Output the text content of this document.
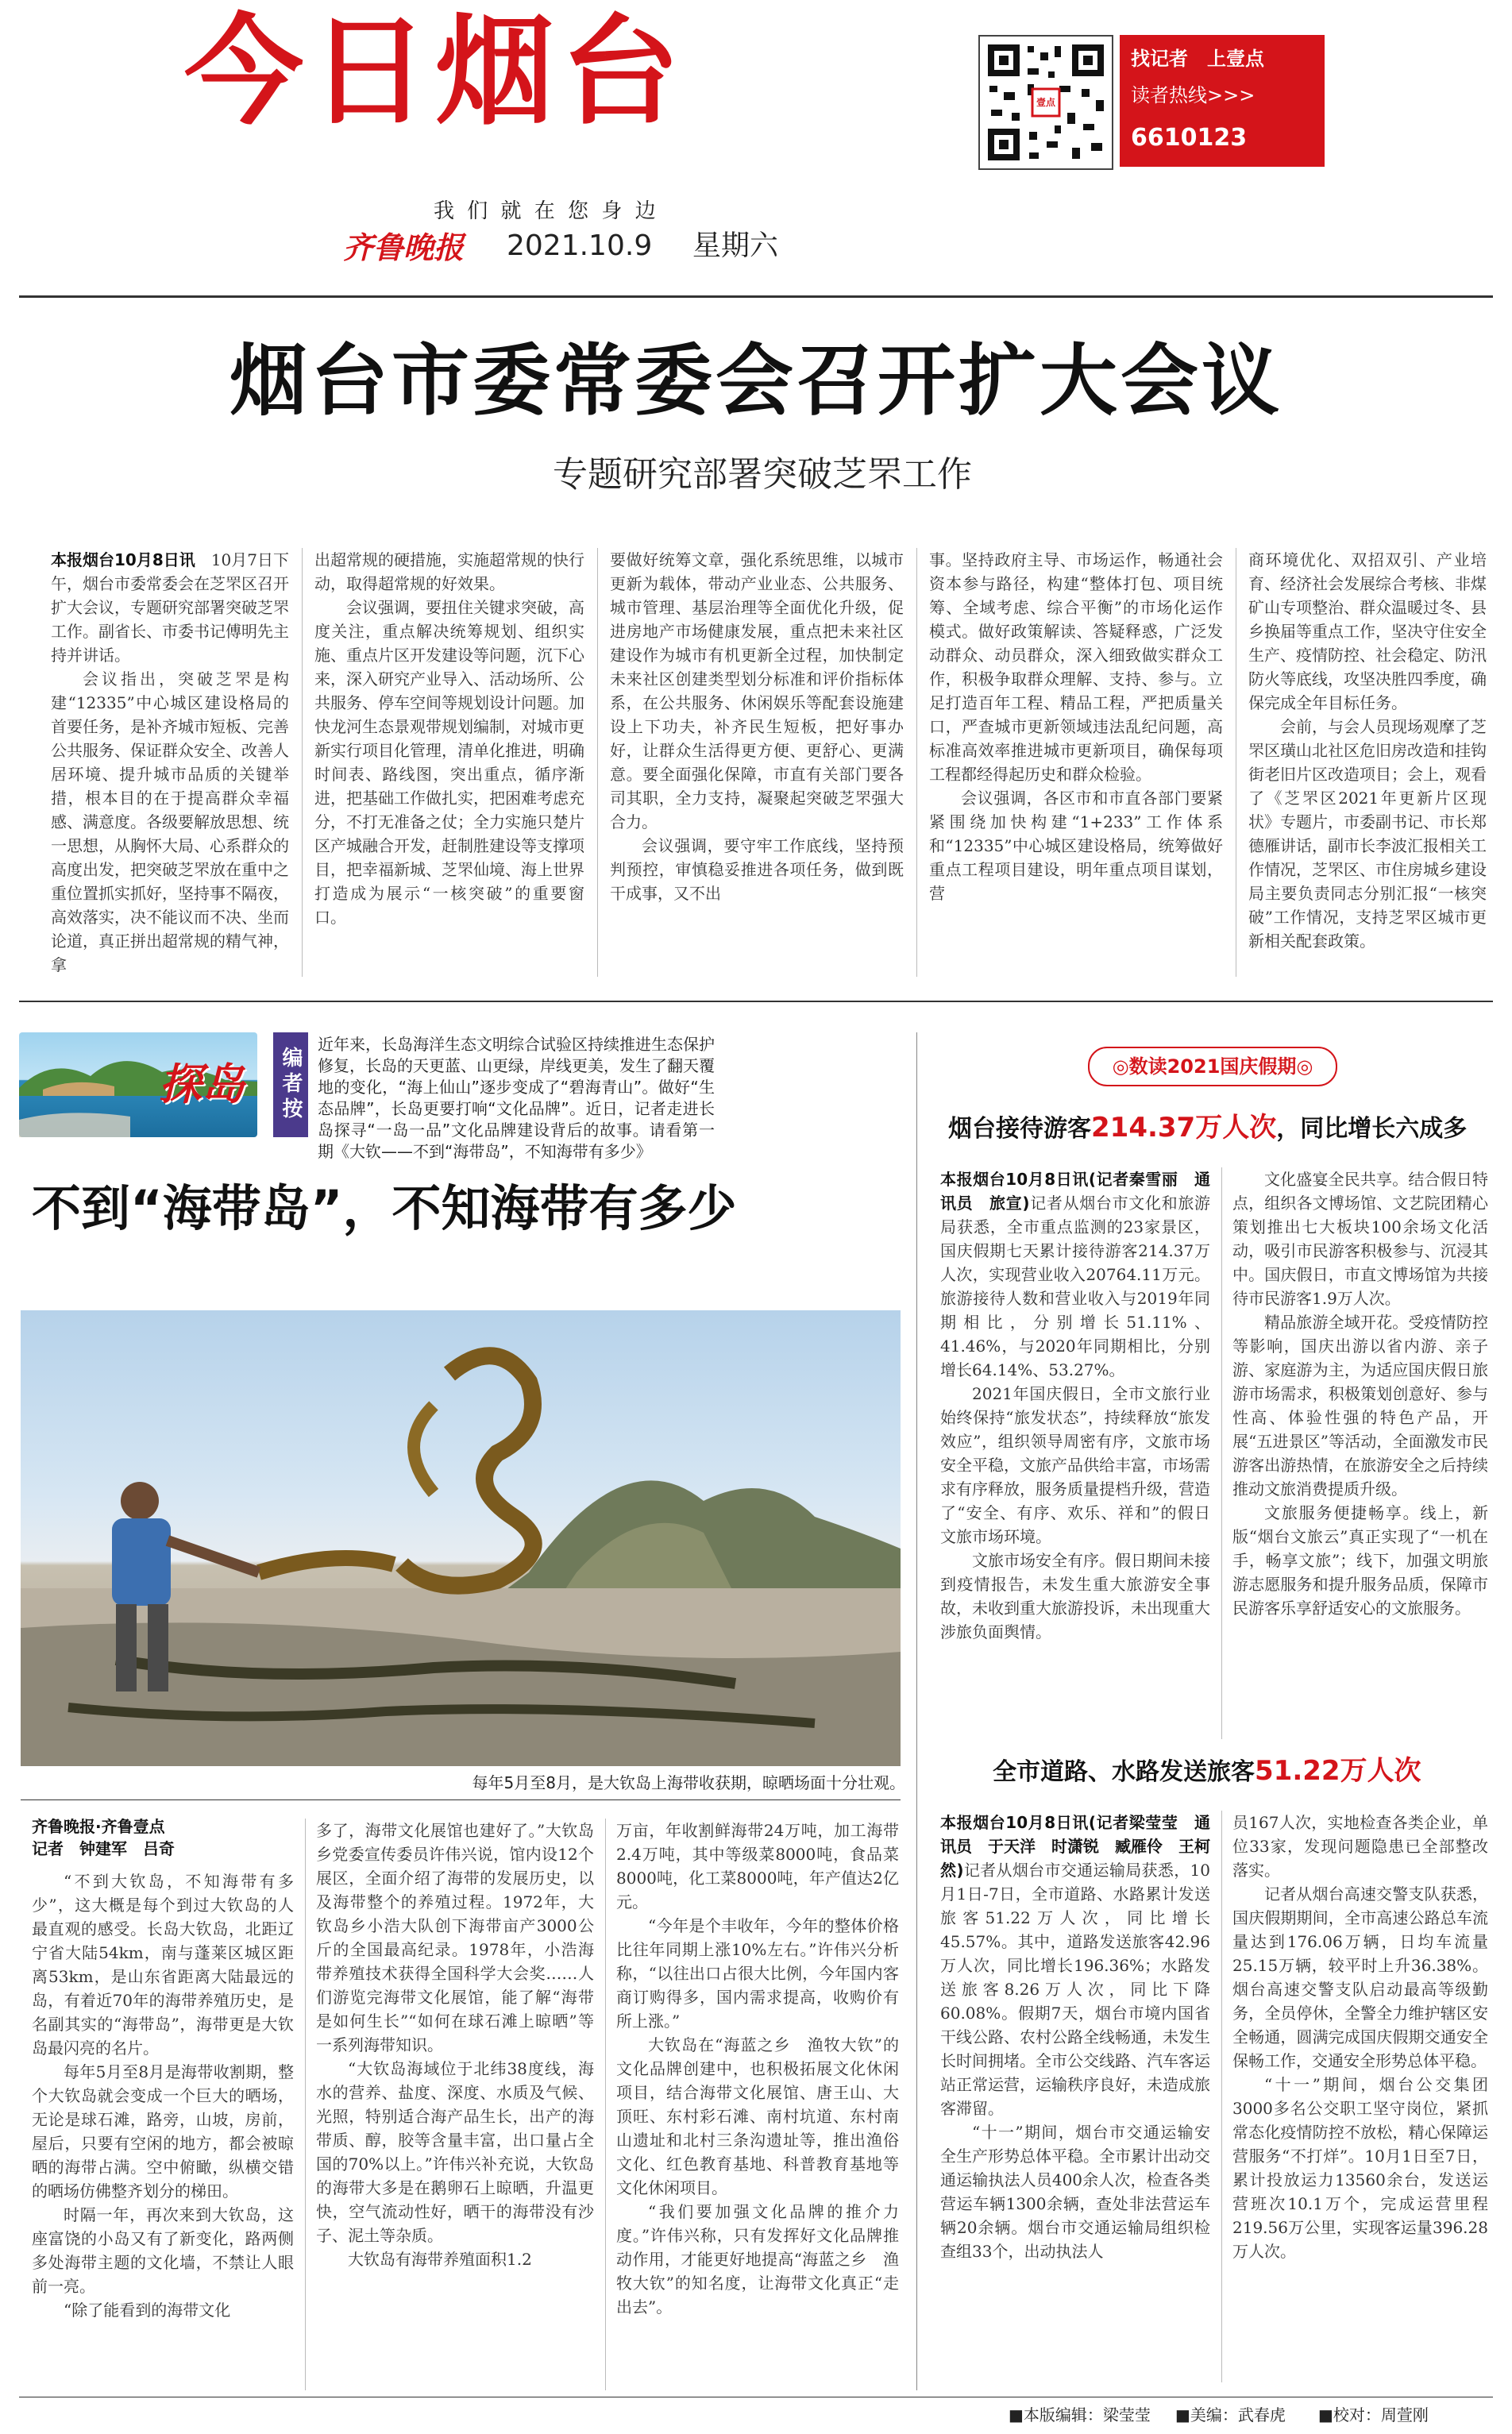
今日烟台	壹点
找记者　上壹点
读者热线>>>
6610123
我 们 就 在 您 身 边
齐鲁晚报 2021.10.9 星期六
烟台市委常委会召开扩大会议
专题研究部署突破芝罘工作

本报烟台10月8日讯　 10月7日下午，烟台市委常委会在芝罘区召开扩大会议，专题研究部署突破芝罘工作。副省长、市委书记傅明先主持并讲话。

会议指出，突破芝罘是构建“12335”中心城区建设格局的首要任务，是补齐城市短板、完善公共服务、保证群众安全、改善人居环境、提升城市品质的关键举措，根本目的在于提高群众幸福感、满意度。各级要解放思想、统一思想，从胸怀大局、心系群众的高度出发，把突破芝罘放在重中之重位置抓实抓好，坚持事不隔夜，高效落实，决不能议而不决、坐而论道，真正拼出超常规的精气神，拿

出超常规的硬措施，实施超常规的快行动，取得超常规的好效果。

会议强调，要扭住关键求突破，高度关注，重点解决统筹规划、组织实施、重点片区开发建设等问题，沉下心来，深入研究产业导入、活动场所、公共服务、停车空间等规划设计问题。加快龙河生态景观带规划编制，对城市更新实行项目化管理，清单化推进，明确时间表、路线图，突出重点，循序渐进，把基础工作做扎实，把困难考虑充分，不打无准备之仗；全力实施只楚片区产城融合开发，赶制胜建设等支撑项目，把幸福新城、芝罘仙境、海上世界打造成为展示“一核突破”的重要窗口。

要做好统筹文章，强化系统思维，以城市更新为载体，带动产业业态、公共服务、城市管理、基层治理等全面优化升级，促进房地产市场健康发展，重点把未来社区建设作为城市有机更新全过程，加快制定未来社区创建类型划分标准和评价指标体系，在公共服务、休闲娱乐等配套设施建设上下功夫，补齐民生短板，把好事办好，让群众生活得更方便、更舒心、更满意。要全面强化保障，市直有关部门要各司其职，全力支持，凝聚起突破芝罘强大合力。

会议强调，要守牢工作底线，坚持预判预控，审慎稳妥推进各项任务，做到既干成事，又不出

事。坚持政府主导、市场运作，畅通社会资本参与路径，构建“整体打包、项目统筹、全域考虑、综合平衡”的市场化运作模式。做好政策解读、答疑释惑，广泛发动群众、动员群众，深入细致做实群众工作，积极争取群众理解、支持、参与。立足打造百年工程、精品工程，严把质量关口，严查城市更新领域违法乱纪问题，高标准高效率推进城市更新项目，确保每项工程都经得起历史和群众检验。

会议强调，各区市和市直各部门要紧紧围绕加快构建“1+233”工作体系和“12335”中心城区建设格局，统筹做好重点工程项目建设，明年重点项目谋划，营

商环境优化、双招双引、产业培育、经济社会发展综合考核、非煤矿山专项整治、群众温暖过冬、县乡换届等重点工作，坚决守住安全生产、疫情防控、社会稳定、防汛防火等底线，攻坚决胜四季度，确保完成全年目标任务。

会前，与会人员现场观摩了芝罘区璜山北社区危旧房改造和挂钩街老旧片区改造项目；会上，观看了《芝罘区2021年更新片区现状》专题片，市委副书记、市长郑德雁讲话，副市长李波汇报相关工作情况，芝罘区、市住房城乡建设局主要负责同志分别汇报“一核突破”工作情况，支持芝罘区城市更新相关配套政策。

探岛 编者按
近年来，长岛海洋生态文明综合试验区持续推进生态保护修复，长岛的天更蓝、山更绿，岸线更美，发生了翻天覆地的变化，“海上仙山”逐步变成了“碧海青山”。做好“生态品牌”，长岛更要打响“文化品牌”。近日，记者走进长岛探寻“一岛一品”文化品牌建设背后的故事。请看第一期《大钦——不到“海带岛”，不知海带有多少》
不到“海带岛”，不知海带有多少
每年5月至8月，是大钦岛上海带收获期，晾晒场面十分壮观。
齐鲁晚报·齐鲁壹点
记者　钟建军　吕奇

“不到大钦岛，不知海带有多少”，这大概是每个到过大钦岛的人最直观的感受。长岛大钦岛，北距辽宁省大陆54km，南与蓬莱区城区距离53km，是山东省距离大陆最远的岛，有着近70年的海带养殖历史，是名副其实的“海带岛”，海带更是大钦岛最闪亮的名片。

每年5月至8月是海带收割期，整个大钦岛就会变成一个巨大的晒场，无论是球石滩，路旁，山坡，房前，屋后，只要有空闲的地方，都会被晾晒的海带占满。空中俯瞰，纵横交错的晒场仿佛整齐划分的梯田。

时隔一年，再次来到大钦岛，这座富饶的小岛又有了新变化，路两侧多处海带主题的文化墙，不禁让人眼前一亮。

“除了能看到的海带文化

多了，海带文化展馆也建好了。”大钦岛乡党委宣传委员许伟兴说，馆内设12个展区，全面介绍了海带的发展历史，以及海带整个的养殖过程。1972年，大钦岛乡小浩大队创下海带亩产3000公斤的全国最高纪录。1978年，小浩海带养殖技术获得全国科学大会奖……人们游览完海带文化展馆，能了解“海带是如何生长”“如何在球石滩上晾晒”等一系列海带知识。

“大钦岛海域位于北纬38度线，海水的营养、盐度、深度、水质及气候、光照，特别适合海产品生长，出产的海带质、醇，胶等含量丰富，出口量占全国的70%以上。”许伟兴补充说，大钦岛的海带大多是在鹅卵石上晾晒，升温更快，空气流动性好，晒干的海带没有沙子、泥土等杂质。

大钦岛有海带养殖面积1.2

万亩，年收割鲜海带24万吨，加工海带2.4万吨，其中等级菜8000吨，食品菜8000吨，化工菜8000吨，年产值达2亿元。

“今年是个丰收年，今年的整体价格比往年同期上涨10%左右。”许伟兴分析称，“以往出口占很大比例，今年国内客商订购得多，国内需求提高，收购价有所上涨。”

大钦岛在“海蓝之乡　渔牧大钦”的文化品牌创建中，也积极拓展文化休闲项目，结合海带文化展馆、唐王山、大顶旺、东村彩石滩、南村坑道、东村南山遗址和北村三条沟遗址等，推出渔俗文化、红色教育基地、科普教育基地等文化休闲项目。

“我们要加强文化品牌的推介力度。”许伟兴称，只有发挥好文化品牌推动作用，才能更好地提高“海蓝之乡　渔牧大钦”的知名度，让海带文化真正“走出去”。

◎数读2021国庆假期◎
烟台接待游客214.37万人次，同比增长六成多

本报烟台10月8日讯(记者秦雪丽　通讯员　旅宣)记者从烟台市文化和旅游局获悉，全市重点监测的23家景区，国庆假期七天累计接待游客214.37万人次，实现营业收入20764.11万元。旅游接待人数和营业收入与2019年同期相比，分别增长51.11%、41.46%，与2020年同期相比，分别增长64.14%、53.27%。

2021年国庆假日，全市文旅行业始终保持“旅发状态”，持续释放“旅发效应”，组织领导周密有序，文旅市场安全平稳，文旅产品供给丰富，市场需求有序释放，服务质量提档升级，营造了“安全、有序、欢乐、祥和”的假日文旅市场环境。

文旅市场安全有序。假日期间未接到疫情报告，未发生重大旅游安全事故，未收到重大旅游投诉，未出现重大涉旅负面舆情。

文化盛宴全民共享。结合假日特点，组织各文博场馆、文艺院团精心策划推出七大板块100余场文化活动，吸引市民游客积极参与、沉浸其中。国庆假日，市直文博场馆为共接待市民游客1.9万人次。

精品旅游全域开花。受疫情防控等影响，国庆出游以省内游、亲子游、家庭游为主，为适应国庆假日旅游市场需求，积极策划创意好、参与性高、体验性强的特色产品，开展“五进景区”等活动，全面激发市民游客出游热情，在旅游安全之后持续推动文旅消费提质升级。

文旅服务便捷畅享。线上，新版“烟台文旅云”真正实现了“一机在手，畅享文旅”；线下，加强文明旅游志愿服务和提升服务品质，保障市民游客乐享舒适安心的文旅服务。

全市道路、水路发送旅客51.22万人次

本报烟台10月8日讯(记者梁莹莹　通讯员　于天洋　时潇锐　臧雁伶　王柯然)记者从烟台市交通运输局获悉，10月1日-7日，全市道路、水路累计发送旅客51.22万人次，同比增长45.57%。其中，道路发送旅客42.96万人次，同比增长196.36%；水路发送旅客8.26万人次，同比下降60.08%。假期7天，烟台市境内国省干线公路、农村公路全线畅通，未发生长时间拥堵。全市公交线路、汽车客运站正常运营，运输秩序良好，未造成旅客滞留。

“十一”期间，烟台市交通运输安全生产形势总体平稳。全市累计出动交通运输执法人员400余人次，检查各类营运车辆1300余辆，查处非法营运车辆20余辆。烟台市交通运输局组织检查组33个，出动执法人

员167人次，实地检查各类企业，单位33家，发现问题隐患已全部整改落实。

记者从烟台高速交警支队获悉，国庆假期期间，全市高速公路总车流量达到176.06万辆，日均车流量25.15万辆，较平时上升36.38%。烟台高速交警支队启动最高等级勤务，全员停休，全警全力维护辖区安全畅通，圆满完成国庆假期交通安全保畅工作，交通安全形势总体平稳。

“十一”期间，烟台公交集团3000多名公交职工坚守岗位，紧抓常态化疫情防控不放松，精心保障运营服务“不打烊”。10月1日至7日，累计投放运力13560余台，发送运营班次10.1万个，完成运营里程219.56万公里，实现客运量396.28万人次。

■本版编辑：梁莹莹 ■美编：武春虎 ■校对：周萱刚
